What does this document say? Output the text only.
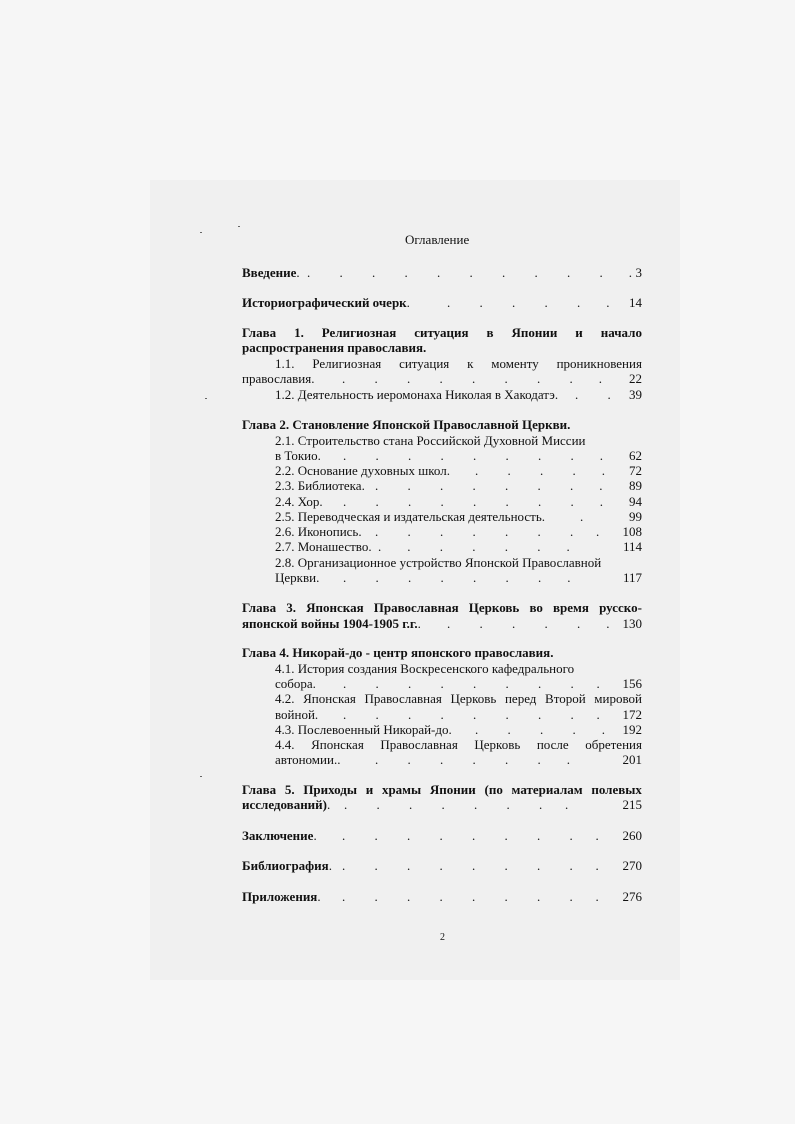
Оглавление
Введение. .         .         .         .         .         .         .         .         .         .        . 3
Историографический очерк.	.         .         .         .         .        . 14
Глава 1. Религиозная ситуация в Японии и начало
распространения православия.
1.1. Религиозная ситуация к моменту проникновения
православия. .         .         .         .         .         .         .         .        . 22
1.2. Деятельность иеромонаха Николая в Хакодатэ. .         . 39
Глава 2. Становление Японской Православной Церкви.
2.1. Строительство стана Российской Духовной Миссии
в Токио. .         .         .         .         .         .         .         .        . 62
2.2. Основание духовных школ. .         .         .         .        . 72
2.3. Библиотека. .         .         .         .         .         .         .        . 89
2.4. Хор. .         .         .         .         .         .         .         .        . 94
2.5. Переводческая и издательская деятельность.	.	99
2.6. Иконопись. .         .         .         .         .         .         .       . 108
2.7. Монашество. .        .         .         .         .         .        .	114
2.8. Организационное устройство Японской Православной
Церкви. .         .         .         .         .         .         .        .	117
Глава 3. Японская Православная Церковь во время русско-
японской войны 1904-1905 г.г.. .         .         .         .         .        . 130
Глава 4. Никорай-до - центр японского православия.
4.1. История создания Воскресенского кафедрального
собора. .         .         .         .         .         .         .         .       . 156
4.2. Японская Православная Церковь перед Второй мировой
войной. .         .         .         .         .         .         .         .       . 172
4.3. Послевоенный Никорай-до. .         .         .         .        . 192
4.4. Японская Православная Церковь после обретения
автономии..	.         .         .         .         .         .        .	201
Глава 5. Приходы и храмы Японии (по материалам полевых
исследований). .         .         .         .         .         .         .       .	215
Заключение. .         .         .         .         .         .         .         .       . 260
Библиография. .         .         .         .         .         .         .         .       . 270
Приложения. .         .         .         .         .         .         .         .       . 276
2
